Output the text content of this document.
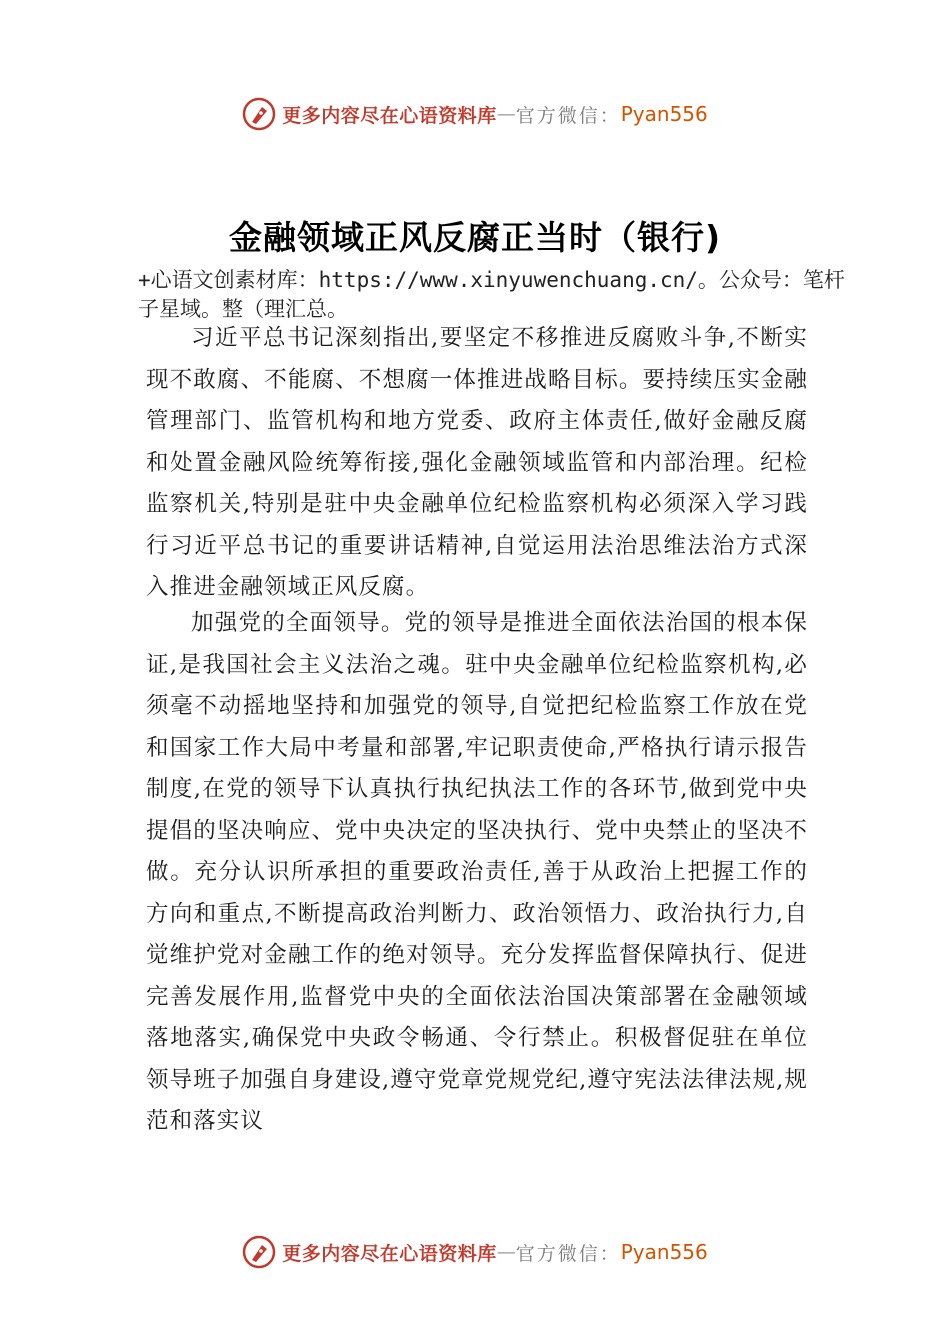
更多内容尽在心语资料库 — 官方微信： Pyan556
金融领域正风反腐正当时（银行)
+心语文创素材库：https://www.xinyuwenchuang.cn/。公众号：笔杆子星域。整（理汇总。

习近平总书记深刻指出,要坚定不移推进反腐败斗争,不断实现不敢腐、不能腐、不想腐一体推进战略目标。要持续压实金融管理部门、监管机构和地方党委、政府主体责任,做好金融反腐和处置金融风险统筹衔接,强化金融领域监管和内部治理。纪检监察机关,特别是驻中央金融单位纪检监察机构必须深入学习践行习近平总书记的重要讲话精神,自觉运用法治思维法治方式深入推进金融领域正风反腐。

加强党的全面领导。党的领导是推进全面依法治国的根本保证,是我国社会主义法治之魂。驻中央金融单位纪检监察机构,必须毫不动摇地坚持和加强党的领导,自觉把纪检监察工作放在党和国家工作大局中考量和部署,牢记职责使命,严格执行请示报告制度,在党的领导下认真执行执纪执法工作的各环节,做到党中央提倡的坚决响应、党中央决定的坚决执行、党中央禁止的坚决不做。充分认识所承担的重要政治责任,善于从政治上把握工作的方向和重点,不断提高政治判断力、政治领悟力、政治执行力,自觉维护党对金融工作的绝对领导。充分发挥监督保障执行、促进完善发展作用,监督党中央的全面依法治国决策部署在金融领域落地落实,确保党中央政令畅通、令行禁止。积极督促驻在单位领导班子加强自身建设,遵守党章党规党纪,遵守宪法法律法规,规范和落实议

更多内容尽在心语资料库 — 官方微信： Pyan556
